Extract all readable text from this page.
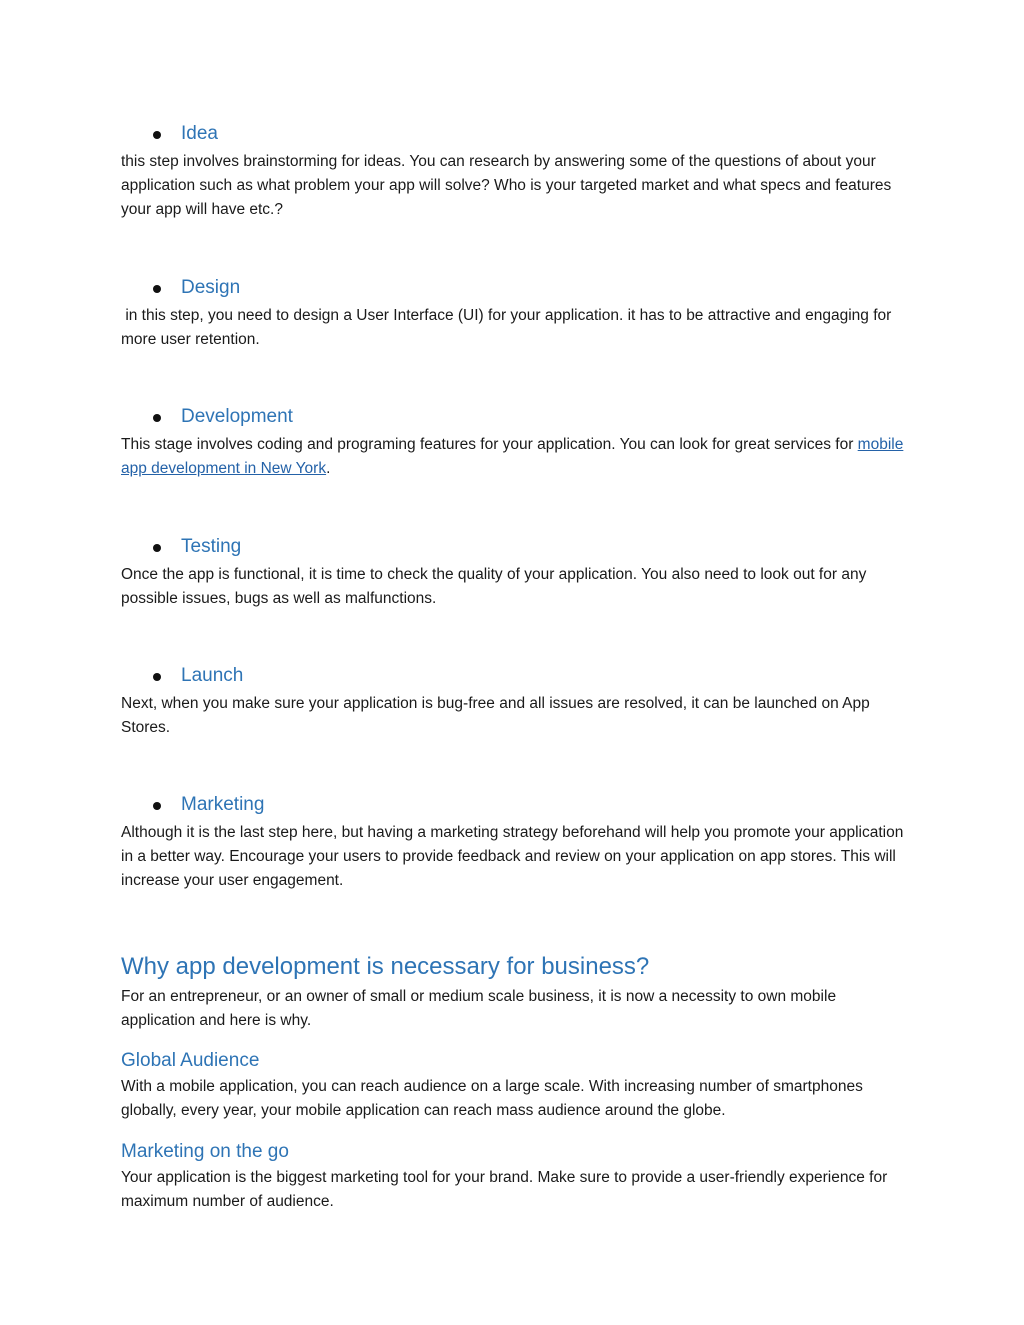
Idea

this step involves brainstorming for ideas. You can research by answering some of the questions of about your application such as what problem your app will solve? Who is your targeted market and what specs and features your app will have etc.?

Design

in this step, you need to design a User Interface (UI) for your application. it has to be attractive and engaging for more user retention.

Development

This stage involves coding and programing features for your application. You can look for great services for mobile app development in New York.

Testing

Once the app is functional, it is time to check the quality of your application. You also need to look out for any possible issues, bugs as well as malfunctions.

Launch

Next, when you make sure your application is bug-free and all issues are resolved, it can be launched on App Stores.

Marketing

Although it is the last step here, but having a marketing strategy beforehand will help you promote your application in a better way. Encourage your users to provide feedback and review on your application on app stores. This will increase your user engagement.

Why app development is necessary for business?

For an entrepreneur, or an owner of small or medium scale business, it is now a necessity to own mobile application and here is why.

Global Audience

With a mobile application, you can reach audience on a large scale. With increasing number of smartphones globally, every year, your mobile application can reach mass audience around the globe.

Marketing on the go

Your application is the biggest marketing tool for your brand. Make sure to provide a user-friendly experience for maximum number of audience.
